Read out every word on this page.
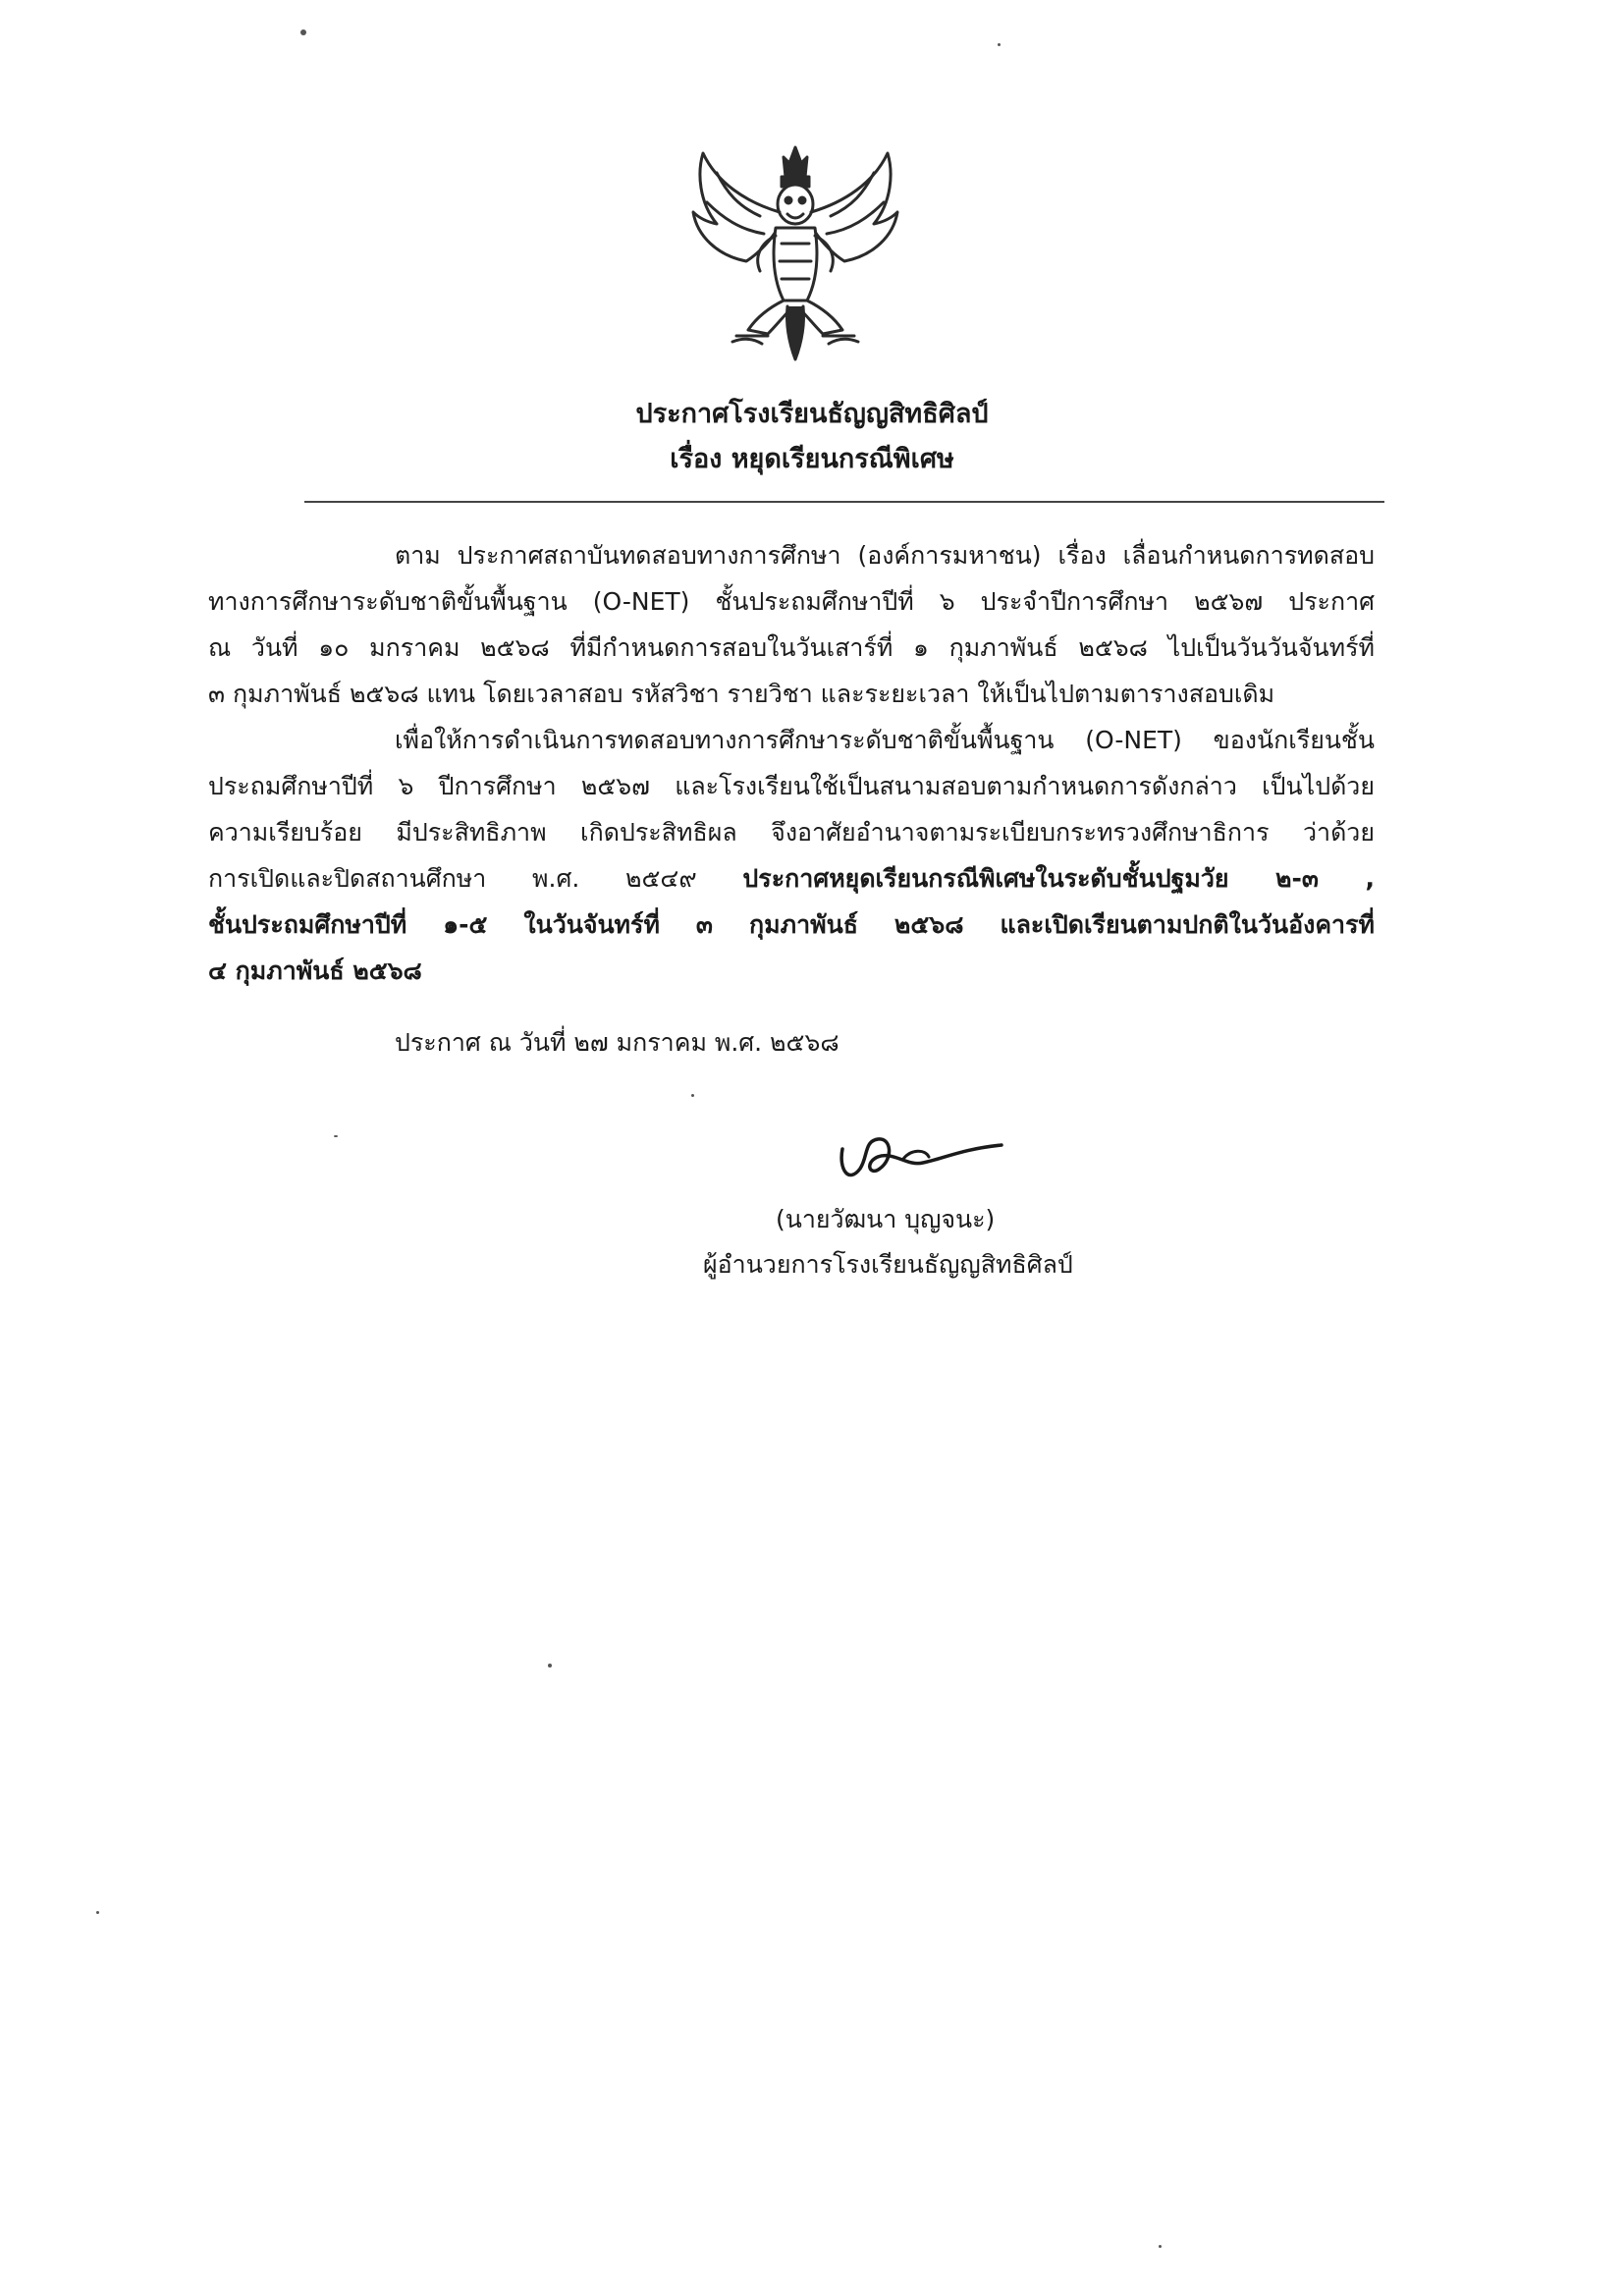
ประกาศโรงเรียนธัญญสิทธิศิลป์
เรื่อง หยุดเรียนกรณีพิเศษ
ตาม ประกาศสถาบันทดสอบทางการศึกษา (องค์การมหาชน) เรื่อง เลื่อนกำหนดการทดสอบ
ทางการศึกษาระดับชาติขั้นพื้นฐาน (O-NET) ชั้นประถมศึกษาปีที่ ๖ ประจำปีการศึกษา ๒๕๖๗ ประกาศ
ณ วันที่ ๑๐ มกราคม ๒๕๖๘ ที่มีกำหนดการสอบในวันเสาร์ที่ ๑ กุมภาพันธ์ ๒๕๖๘ ไปเป็นวันวันจันทร์ที่
๓ กุมภาพันธ์ ๒๕๖๘ แทน โดยเวลาสอบ รหัสวิชา รายวิชา และระยะเวลา ให้เป็นไปตามตารางสอบเดิม
เพื่อให้การดำเนินการทดสอบทางการศึกษาระดับชาติขั้นพื้นฐาน (O-NET) ของนักเรียนชั้น
ประถมศึกษาปีที่ ๖ ปีการศึกษา ๒๕๖๗ และโรงเรียนใช้เป็นสนามสอบตามกำหนดการดังกล่าว เป็นไปด้วย
ความเรียบร้อย มีประสิทธิภาพ เกิดประสิทธิผล จึงอาศัยอำนาจตามระเบียบกระทรวงศึกษาธิการ ว่าด้วย
การเปิดและปิดสถานศึกษา พ.ศ. ๒๕๔๙ ประกาศหยุดเรียนกรณีพิเศษในระดับชั้นปฐมวัย ๒-๓ ,
ชั้นประถมศึกษาปีที่ ๑-๕ ในวันจันทร์ที่ ๓ กุมภาพันธ์ ๒๕๖๘ และเปิดเรียนตามปกติในวันอังคารที่
๔ กุมภาพันธ์ ๒๕๖๘
ประกาศ ณ วันที่ ๒๗ มกราคม พ.ศ. ๒๕๖๘
(นายวัฒนา บุญจนะ)
ผู้อำนวยการโรงเรียนธัญญสิทธิศิลป์
